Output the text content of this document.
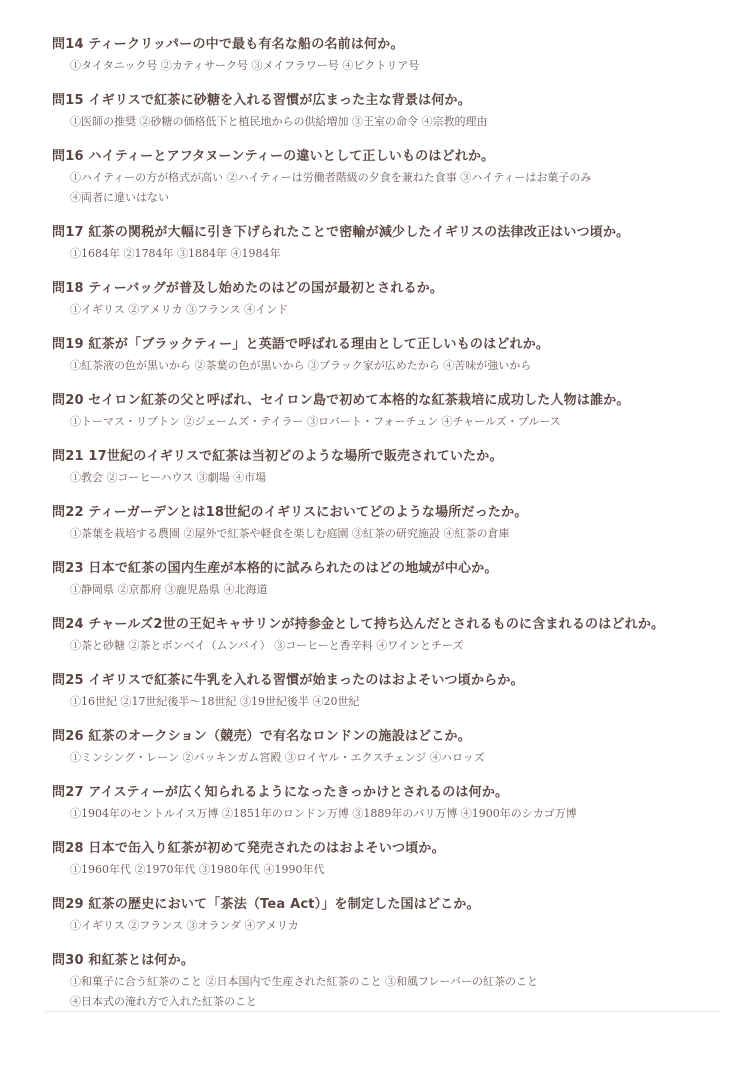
問14 ティークリッパーの中で最も有名な船の名前は何か。
①タイタニック号 ②カティサーク号 ③メイフラワー号 ④ビクトリア号
問15 イギリスで紅茶に砂糖を入れる習慣が広まった主な背景は何か。
①医師の推奨 ②砂糖の価格低下と植民地からの供給増加 ③王室の命令 ④宗教的理由
問16 ハイティーとアフタヌーンティーの違いとして正しいものはどれか。
①ハイティーの方が格式が高い ②ハイティーは労働者階級の夕食を兼ねた食事 ③ハイティーはお菓子のみ
④両者に違いはない
問17 紅茶の関税が大幅に引き下げられたことで密輸が減少したイギリスの法律改正はいつ頃か。
①1684年 ②1784年 ③1884年 ④1984年
問18 ティーバッグが普及し始めたのはどの国が最初とされるか。
①イギリス ②アメリカ ③フランス ④インド
問19 紅茶が「ブラックティー」と英語で呼ばれる理由として正しいものはどれか。
①紅茶液の色が黒いから ②茶葉の色が黒いから ③ブラック家が広めたから ④苦味が強いから
問20 セイロン紅茶の父と呼ばれ、セイロン島で初めて本格的な紅茶栽培に成功した人物は誰か。
①トーマス・リプトン ②ジェームズ・テイラー ③ロバート・フォーチュン ④チャールズ・ブルース
問21 17世紀のイギリスで紅茶は当初どのような場所で販売されていたか。
①教会 ②コーヒーハウス ③劇場 ④市場
問22 ティーガーデンとは18世紀のイギリスにおいてどのような場所だったか。
①茶葉を栽培する農園 ②屋外で紅茶や軽食を楽しむ庭園 ③紅茶の研究施設 ④紅茶の倉庫
問23 日本で紅茶の国内生産が本格的に試みられたのはどの地域が中心か。
①静岡県 ②京都府 ③鹿児島県 ④北海道
問24 チャールズ2世の王妃キャサリンが持参金として持ち込んだとされるものに含まれるのはどれか。
①茶と砂糖 ②茶とボンベイ（ムンバイ） ③コーヒーと香辛料 ④ワインとチーズ
問25 イギリスで紅茶に牛乳を入れる習慣が始まったのはおよそいつ頃からか。
①16世紀 ②17世紀後半〜18世紀 ③19世紀後半 ④20世紀
問26 紅茶のオークション（競売）で有名なロンドンの施設はどこか。
①ミンシング・レーン ②バッキンガム宮殿 ③ロイヤル・エクスチェンジ ④ハロッズ
問27 アイスティーが広く知られるようになったきっかけとされるのは何か。
①1904年のセントルイス万博 ②1851年のロンドン万博 ③1889年のパリ万博 ④1900年のシカゴ万博
問28 日本で缶入り紅茶が初めて発売されたのはおよそいつ頃か。
①1960年代 ②1970年代 ③1980年代 ④1990年代
問29 紅茶の歴史において「茶法（Tea Act）」を制定した国はどこか。
①イギリス ②フランス ③オランダ ④アメリカ
問30 和紅茶とは何か。
①和菓子に合う紅茶のこと ②日本国内で生産された紅茶のこと ③和風フレーバーの紅茶のこと
④日本式の淹れ方で入れた紅茶のこと
